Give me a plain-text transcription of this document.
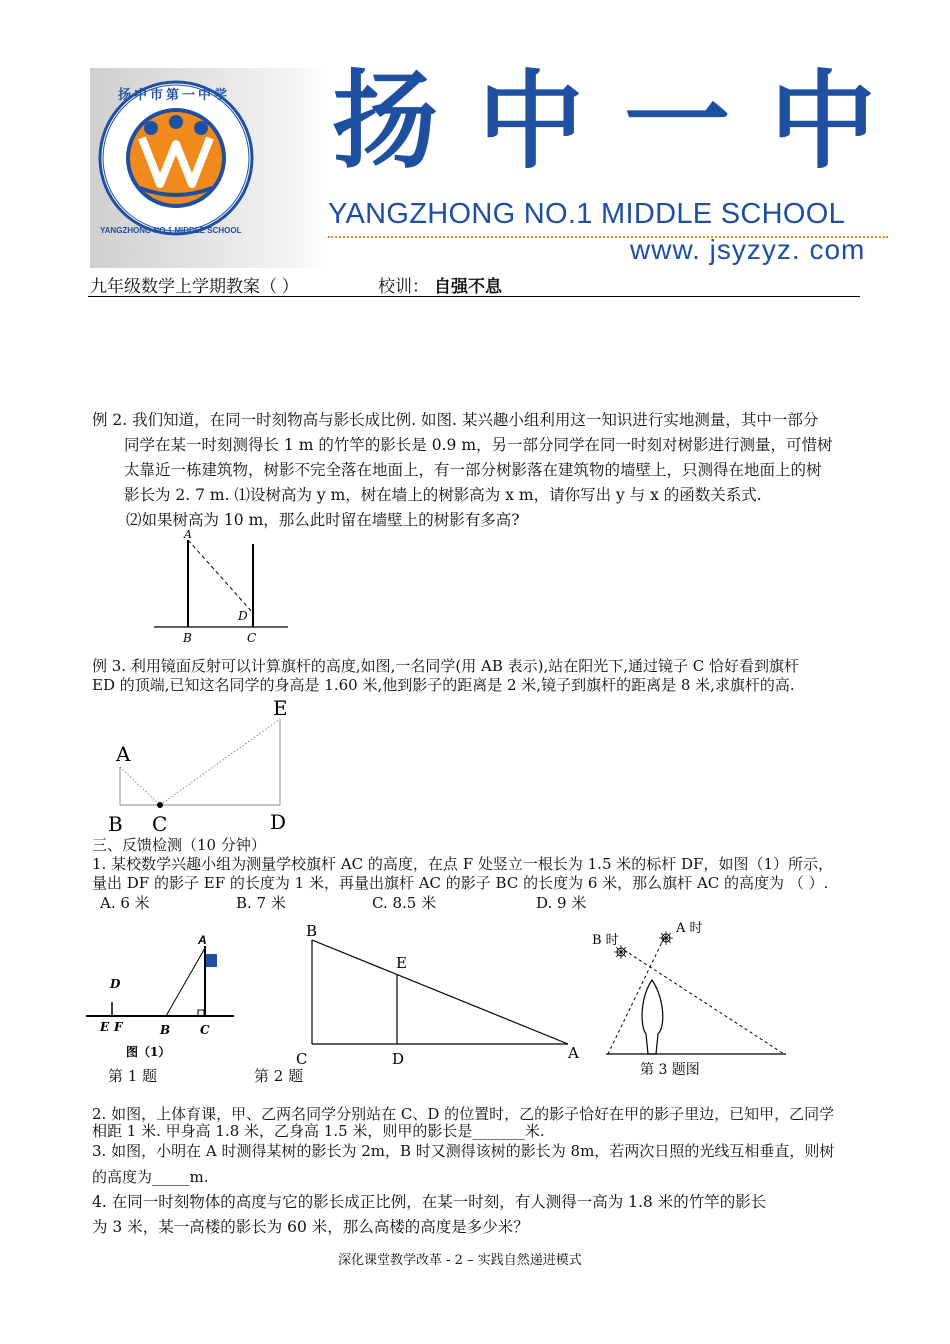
扬中市第一中学
YANGZHONG NO.1 MIDDLE SCHOOL
扬中一中
YANGZHONG NO.1 MIDDLE SCHOOL
www. jsyzyz. com
九年级数学上学期教案（ ）	校训： 自强不息
例 2. 我们知道，在同一时刻物高与影长成比例. 如图. 某兴趣小组利用这一知识进行实地测量，其中一部分
同学在某一时刻测得长 1 m 的竹竿的影长是 0.9 m，另一部分同学在同一时刻对树影进行测量，可惜树
太靠近一栋建筑物，树影不完全落在地面上，有一部分树影落在建筑物的墙壁上，只测得在地面上的树
影长为 2. 7 m. ⑴设树高为 y m，树在墙上的树影高为 x m，请你写出 y 与 x 的函数关系式.
⑵如果树高为 10 m，那么此时留在墙壁上的树影有多高?
A
D
B	C
例 3. 利用镜面反射可以计算旗杆的高度,如图,一名同学(用 AB 表示),站在阳光下,通过镜子 C 恰好看到旗杆
ED 的顶端,已知这名同学的身高是 1.60 米,他到影子的距离是 2 米,镜子到旗杆的距离是 8 米,求旗杆的高.
A
E
B C	D
三、反馈检测（10 分钟）
1. 某校数学兴趣小组为测量学校旗杆 AC 的高度，在点 F 处竖立一根长为 1.5 米的标杆 DF，如图（1）所示，
量出 DF 的影子 EF 的长度为 1 米，再量出旗杆 AC 的影子 BC 的长度为 6 米，那么旗杆 AC 的高度为 （ ）.
A. 6 米	B. 7 米	C. 8.5 米	D. 9 米
A
D
E F	B C
图（1）
第 1 题
B
E
C	D	A
第 2 题
B 时
A 时
第 3 题图
2. 如图，上体育课，甲、乙两名同学分别站在 C、D 的位置时，乙的影子恰好在甲的影子里边，已知甲，乙同学
相距 1 米. 甲身高 1.8 米，乙身高 1.5 米，则甲的影长是_______米.
3. 如图，小明在 A 时测得某树的影长为 2m，B 时又测得该树的影长为 8m，若两次日照的光线互相垂直，则树
的高度为_____m.
4. 在同一时刻物体的高度与它的影长成正比例，在某一时刻，有人测得一高为 1.8 米的竹竿的影长
为 3 米，某一高楼的影长为 60 米，那么高楼的高度是多少米？
深化课堂教学改革 - 2 – 实践自然递进模式
